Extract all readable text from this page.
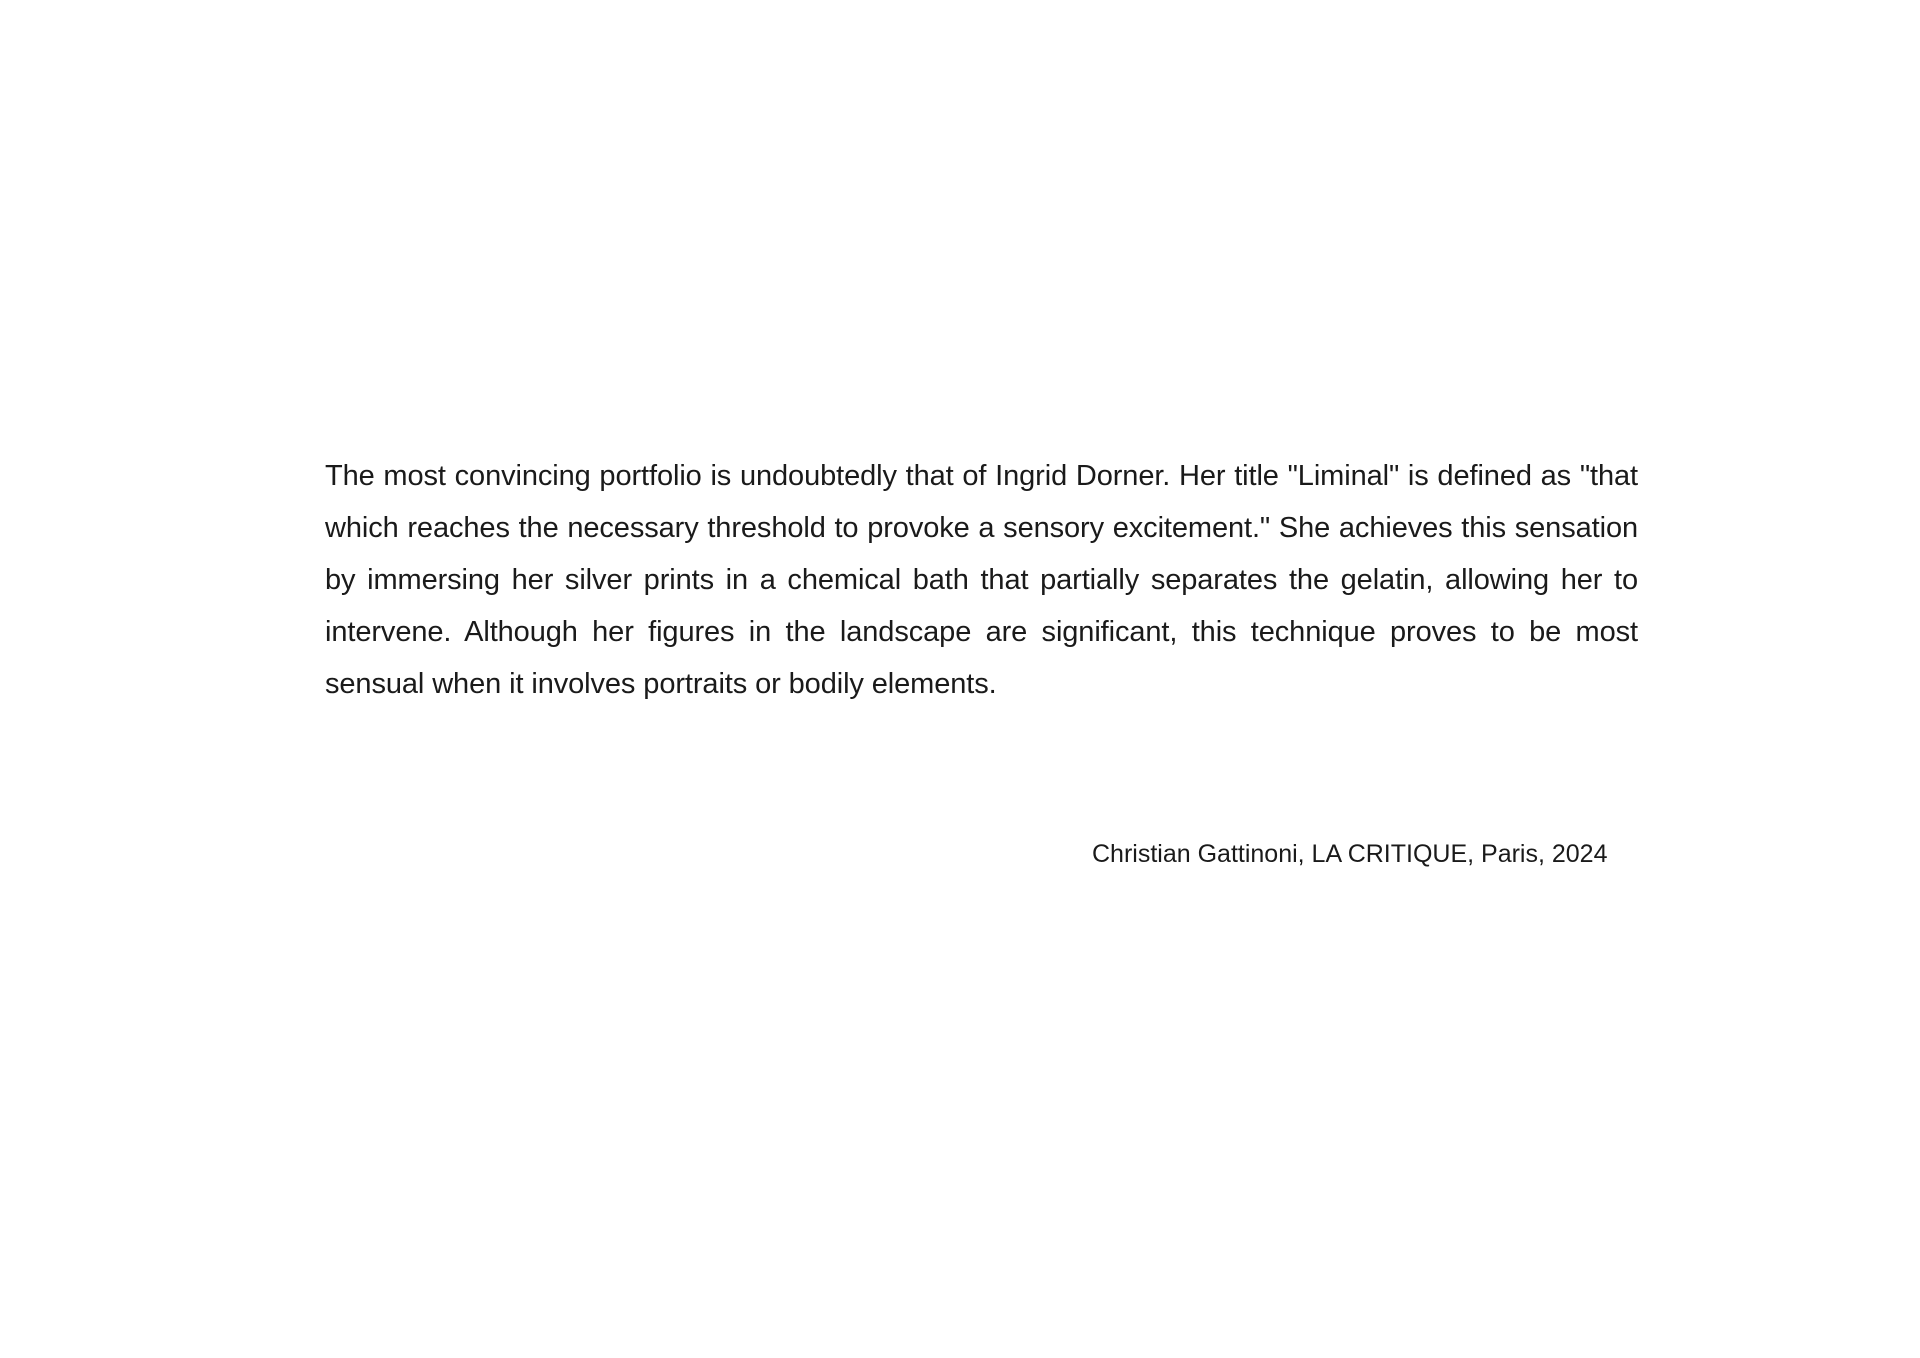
The most convincing portfolio is undoubtedly that of Ingrid Dorner. Her title "Liminal" is defined as "that which reaches the necessary threshold to provoke a sensory excitement." She achieves this sensation by immersing her silver prints in a chemical bath that partially separates the gelatin, allowing her to intervene. Although her figures in the landscape are significant, this technique proves to be most sensual when it involves portraits or bodily elements.

Christian Gattinoni, LA CRITIQUE, Paris, 2024
